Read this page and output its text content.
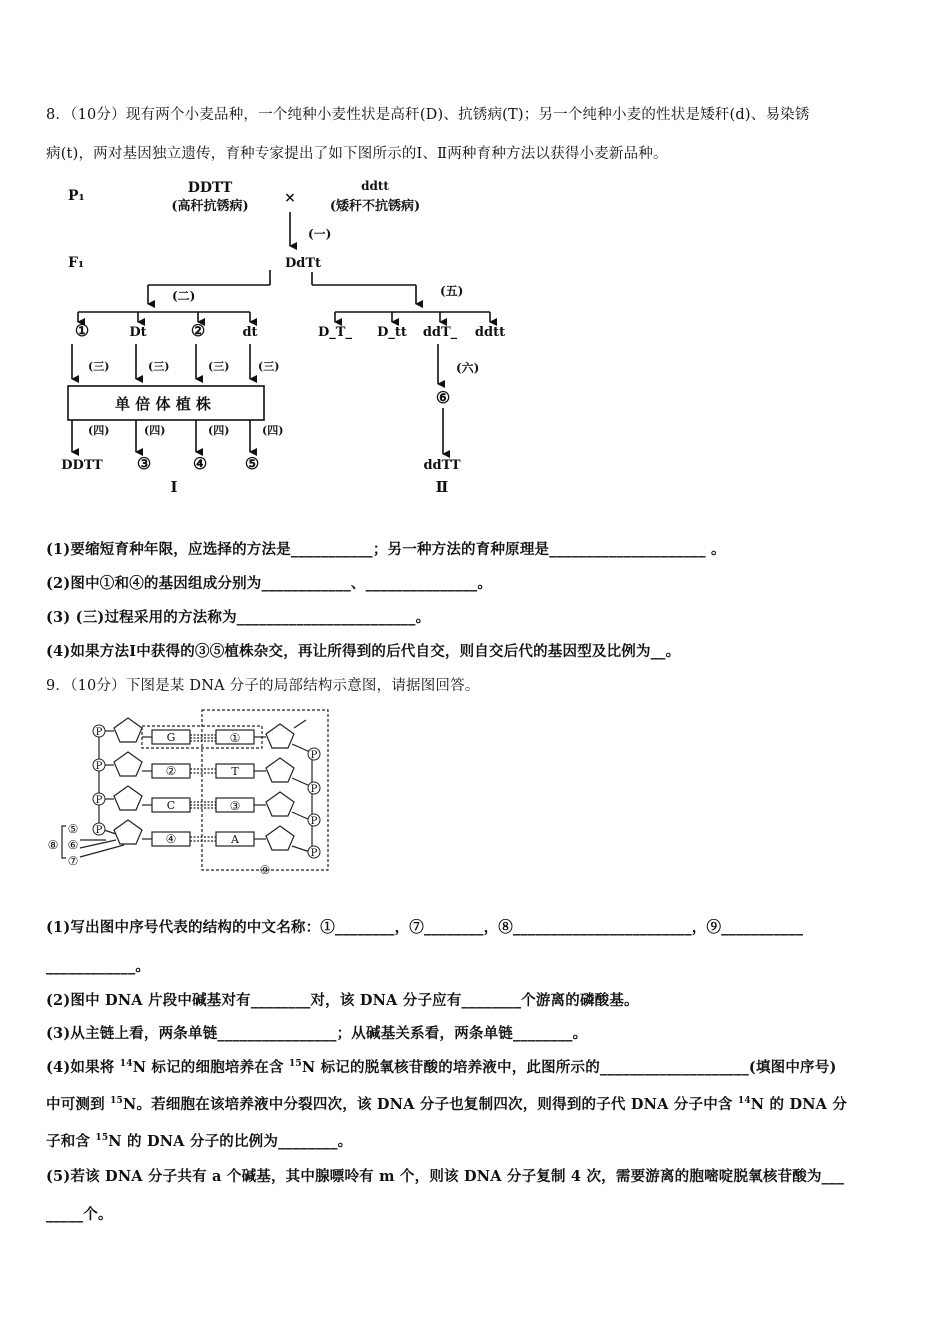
8．（10分）现有两个小麦品种，一个纯种小麦性状是高秆(D)、抗锈病(T)；另一个纯种小麦的性状是矮秆(d)、易染锈
病(t)，两对基因独立遗传，育种专家提出了如下图所示的Ⅰ、Ⅱ两种育种方法以获得小麦新品种。
P₁
F₁
DDTT
(高秆抗锈病)
×
ddtt
(矮秆不抗锈病)
(一)
DdTt
(二)	(五)
①	Dt	②	dt	D_T_ D_tt ddT_ ddtt
(三)	(三)	(三)	(三)	(六)
单 倍 体 植 株	⑥
(四)	(四)	(四)	(四)
DDTT ③	④ ⑤	ddTT
Ⅰ	Ⅱ
(1)要缩短育种年限，应选择的方法是___________；另一种方法的育种原理是_____________________ 。
(2)图中①和④的基因组成分别为____________、_______________。
(3) (三)过程采用的方法称为________________________。
(4)如果方法Ⅰ中获得的③⑤植株杂交，再让所得到的后代自交，则自交后代的基因型及比例为__。
9．（10分）下图是某 DNA 分子的局部结构示意图，请据图回答。
P
P
P
P
P
P
P
P
G
②
C
④
①
T
③
A
⑤
⑥
⑦
⑧
⑨
(1)写出图中序号代表的结构的中文名称：①________，⑦________，⑧________________________，⑨___________
____________。
(2)图中 DNA 片段中碱基对有________对，该 DNA 分子应有________个游离的磷酸基。
(3)从主链上看，两条单链________________；从碱基关系看，两条单链________。
(4)如果将 $^{14}$N 标记的细胞培养在含 $^{15}$N 标记的脱氧核苷酸的培养液中，此图所示的____________________(填图中序号)
中可测到 $^{15}$N。若细胞在该培养液中分裂四次，该 DNA 分子也复制四次，则得到的子代 DNA 分子中含 $^{14}$N 的 DNA 分
子和含 $^{15}$N 的 DNA 分子的比例为________。
(5)若该 DNA 分子共有 a 个碱基，其中腺嘌呤有 m 个，则该 DNA 分子复制 4 次，需要游离的胞嘧啶脱氧核苷酸为___
_____个。
